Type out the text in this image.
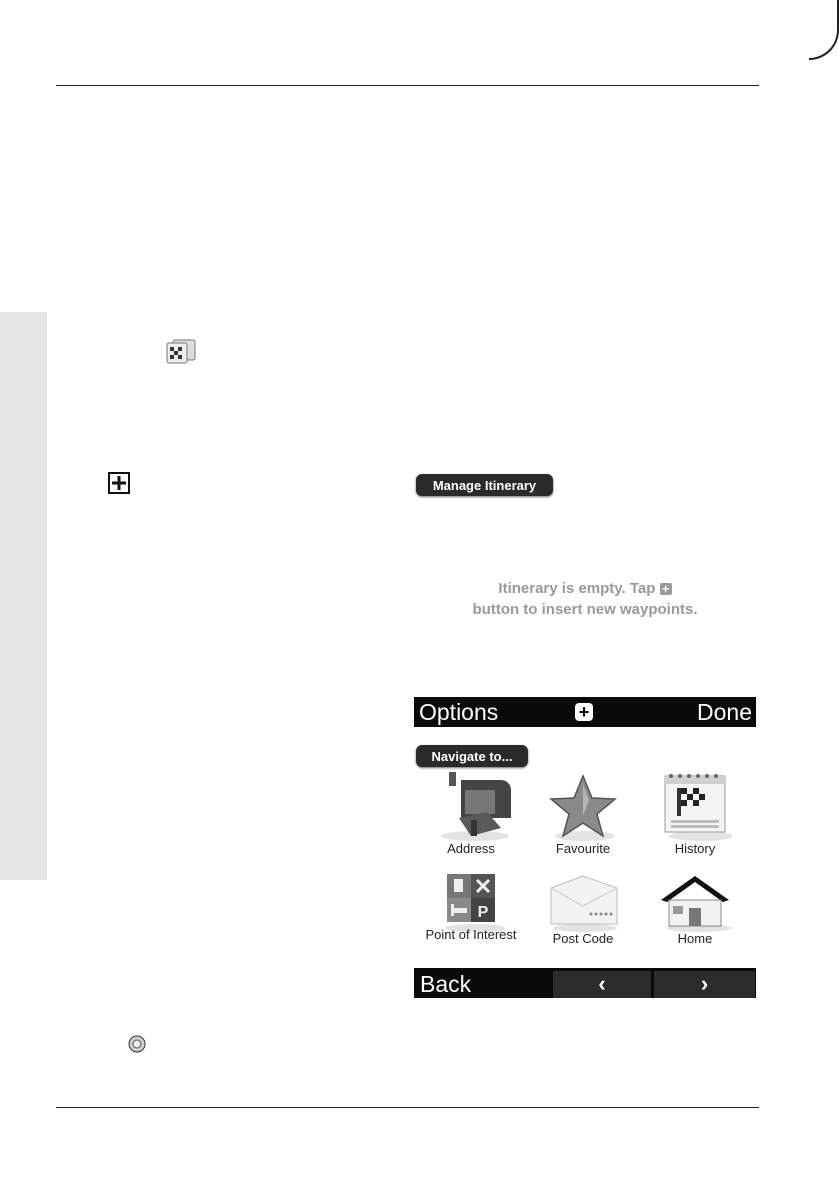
Manage Itinerary
Itinerary is empty. Tap +
button to insert new waypoints.
Options	+	Done
Navigate to...
Address	Favourite	History
P
Point of Interest	Post Code	Home
Back	‹	›
